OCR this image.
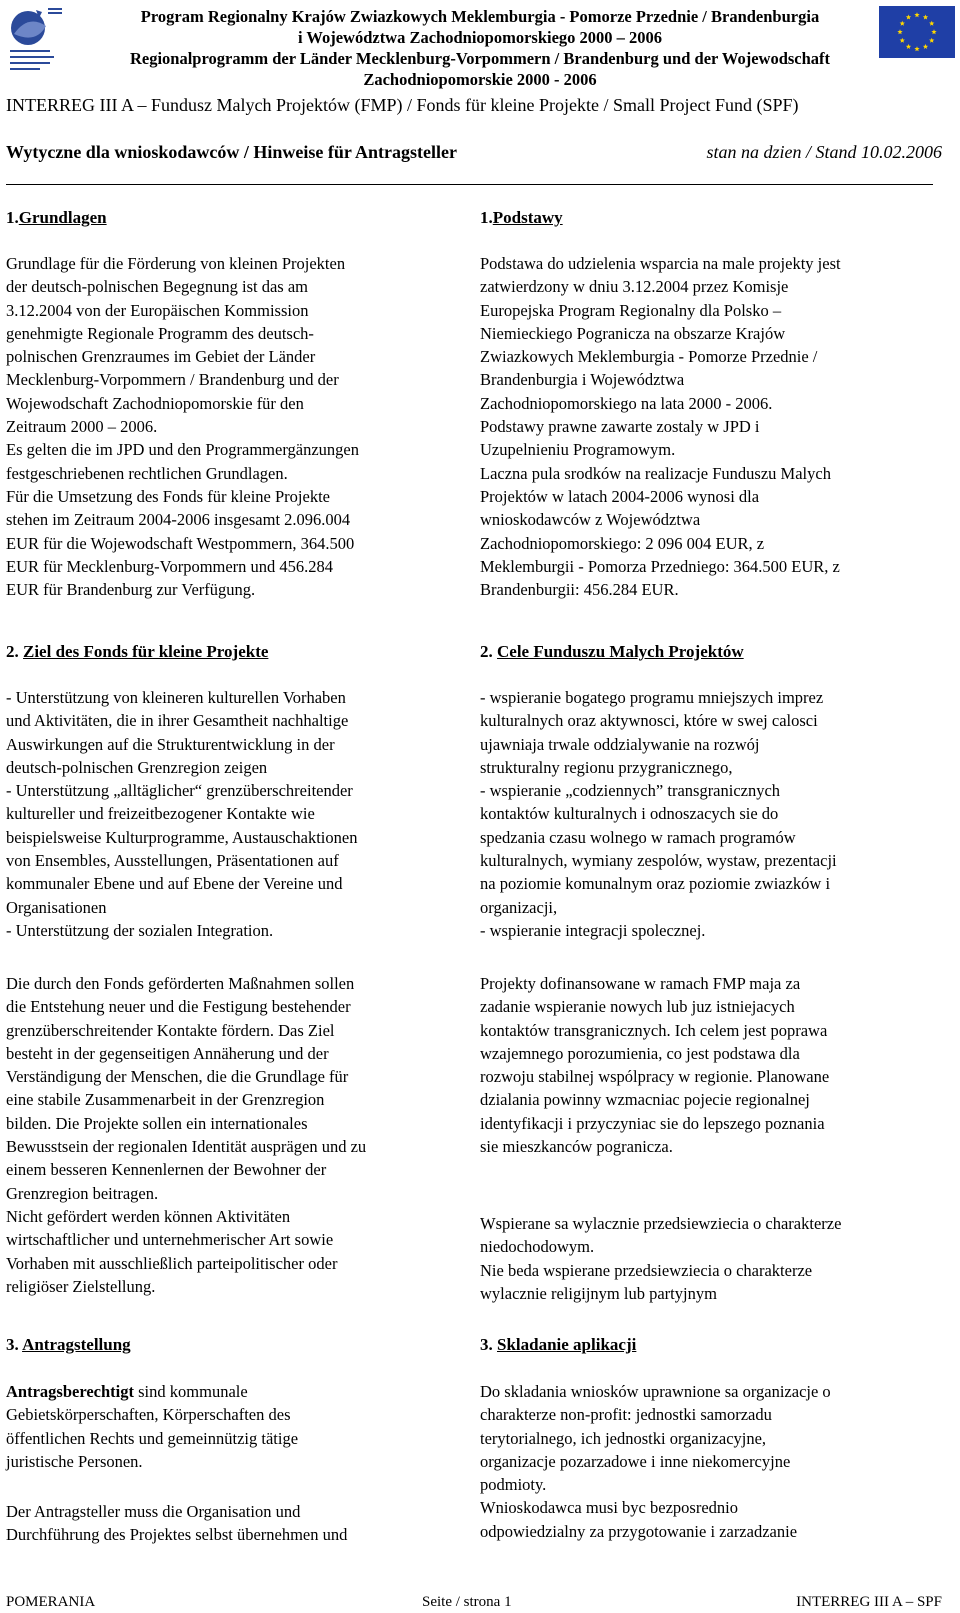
Program Regionalny Krajów Zwiazkowych Meklemburgia - Pomorze Przednie / Brandenburgia
i Województwa Zachodniopomorskiego 2000 – 2006
Regionalprogramm der Länder Mecklenburg-Vorpommern / Brandenburg und der Wojewodschaft
Zachodniopomorskie 2000 - 2006
INTERREG III A – Fundusz Malych Projektów (FMP) / Fonds für kleine Projekte / Small Project Fund (SPF)
Wytyczne dla wnioskodawców / Hinweise für Antragsteller	stan na dzien / Stand 10.02.2006
1.Grundlagen	1.Podstawy
Grundlage für die Förderung von kleinen Projekten
der deutsch-polnischen Begegnung ist das am
3.12.2004 von der Europäischen Kommission
genehmigte Regionale Programm des deutsch-
polnischen Grenzraumes im Gebiet der Länder
Mecklenburg-Vorpommern / Brandenburg und der
Wojewodschaft Zachodniopomorskie für den
Zeitraum 2000 – 2006.
Es gelten die im JPD und den Programmergänzungen
festgeschriebenen rechtlichen Grundlagen.
Für die Umsetzung des Fonds für kleine Projekte
stehen im Zeitraum 2004-2006 insgesamt 2.096.004
EUR für die Wojewodschaft Westpommern, 364.500
EUR für Mecklenburg-Vorpommern und 456.284
EUR für Brandenburg zur Verfügung.
Podstawa do udzielenia wsparcia na male projekty jest
zatwierdzony w dniu 3.12.2004 przez Komisje
Europejska Program Regionalny dla Polsko –
Niemieckiego Pogranicza na obszarze Krajów
Zwiazkowych Meklemburgia - Pomorze Przednie /
Brandenburgia i Województwa
Zachodniopomorskiego na lata 2000 - 2006.
Podstawy prawne zawarte zostaly w JPD i
Uzupelnieniu Programowym.
Laczna pula srodków na realizacje Funduszu Malych
Projektów w latach 2004-2006 wynosi dla
wnioskodawców z Województwa
Zachodniopomorskiego: 2 096 004 EUR, z
Meklemburgii - Pomorza Przedniego: 364.500 EUR, z
Brandenburgii: 456.284 EUR.
2. Ziel des Fonds für kleine Projekte	2. Cele Funduszu Malych Projektów
- Unterstützung von kleineren kulturellen Vorhaben
und Aktivitäten, die in ihrer Gesamtheit nachhaltige
Auswirkungen auf die Strukturentwicklung in der
deutsch-polnischen Grenzregion zeigen
- Unterstützung „alltäglicher“ grenzüberschreitender
kultureller und freizeitbezogener Kontakte wie
beispielsweise Kulturprogramme, Austauschaktionen
von Ensembles, Ausstellungen, Präsentationen auf
kommunaler Ebene und auf Ebene der Vereine und
Organisationen
- Unterstützung der sozialen Integration.
- wspieranie bogatego programu mniejszych imprez
kulturalnych oraz aktywnosci, które w swej calosci
ujawniaja trwale oddzialywanie na rozwój
strukturalny regionu przygranicznego,
- wspieranie „codziennych” transgranicznych
kontaktów kulturalnych i odnoszacych sie do
spedzania czasu wolnego w ramach programów
kulturalnych, wymiany zespolów, wystaw, prezentacji
na poziomie komunalnym oraz poziomie zwiazków i
organizacji,
- wspieranie integracji spolecznej.
Die durch den Fonds geförderten Maßnahmen sollen
die Entstehung neuer und die Festigung bestehender
grenzüberschreitender Kontakte fördern. Das Ziel
besteht in der gegenseitigen Annäherung und der
Verständigung der Menschen, die die Grundlage für
eine stabile Zusammenarbeit in der Grenzregion
bilden. Die Projekte sollen ein internationales
Bewusstsein der regionalen Identität ausprägen und zu
einem besseren Kennenlernen der Bewohner der
Grenzregion beitragen.
Nicht gefördert werden können Aktivitäten
wirtschaftlicher und unternehmerischer Art sowie
Vorhaben mit ausschließlich parteipolitischer oder
religiöser Zielstellung.
Projekty dofinansowane w ramach FMP maja za
zadanie wspieranie nowych lub juz istniejacych
kontaktów transgranicznych. Ich celem jest poprawa
wzajemnego porozumienia, co jest podstawa dla
rozwoju stabilnej wspólpracy w regionie. Planowane
dzialania powinny wzmacniac pojecie regionalnej
identyfikacji i przyczyniac sie do lepszego poznania
sie mieszkanców pogranicza.
Wspierane sa wylacznie przedsiewziecia o charakterze
niedochodowym.
Nie beda wspierane przedsiewziecia o charakterze
wylacznie religijnym lub partyjnym
3. Antragstellung	3. Skladanie aplikacji
Antragsberechtigt sind kommunale
Gebietskörperschaften, Körperschaften des
öffentlichen Rechts und gemeinnützig tätige
juristische Personen.
Do skladania wniosków uprawnione sa organizacje o
charakterze non-profit: jednostki samorzadu
terytorialnego, ich jednostki organizacyjne,
organizacje pozarzadowe i inne niekomercyjne
podmioty.
Wnioskodawca musi byc bezposrednio
odpowiedzialny za przygotowanie i zarzadzanie
Der Antragsteller muss die Organisation und
Durchführung des Projektes selbst übernehmen und
POMERANIA	Seite / strona 1	INTERREG III A – SPF
